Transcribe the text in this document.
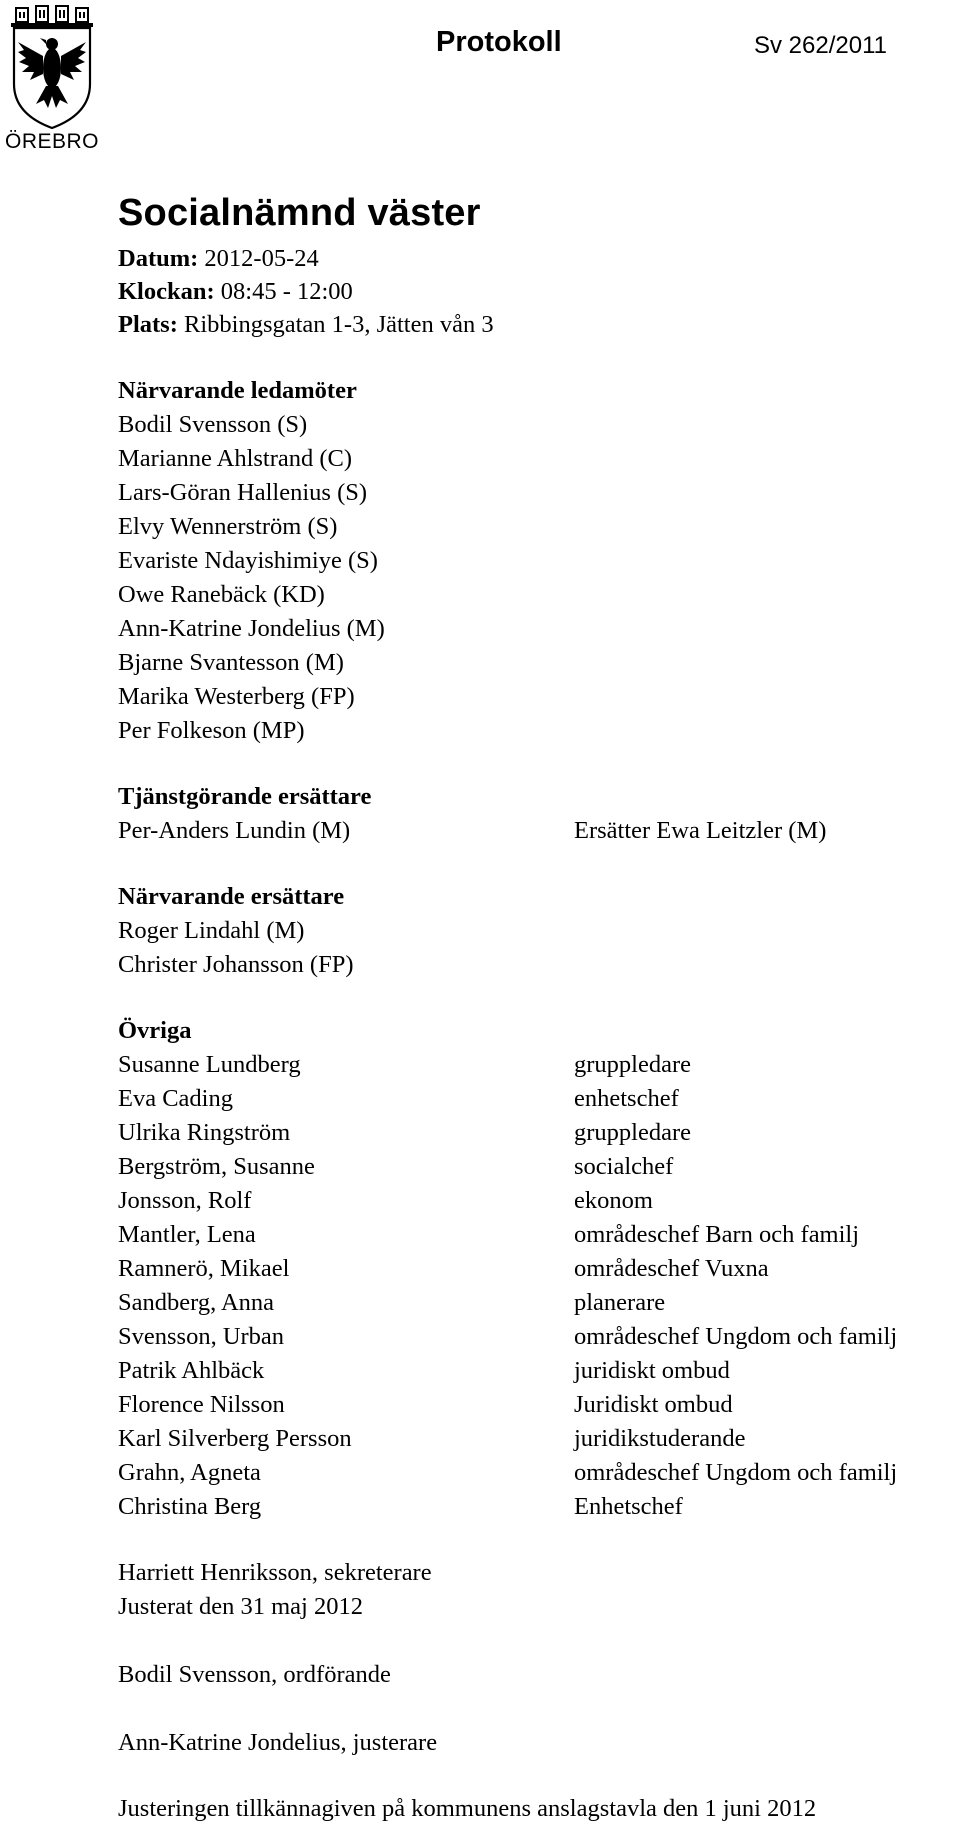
ÖREBRO
Protokoll	Sv 262/2011
Socialnämnd väster
Datum: 2012-05-24
Klockan: 08:45 - 12:00
Plats: Ribbingsgatan 1-3, Jätten vån 3
Närvarande ledamöter
Bodil Svensson (S)
Marianne Ahlstrand (C)
Lars-Göran Hallenius (S)
Elvy Wennerström (S)
Evariste Ndayishimiye (S)
Owe Ranebäck (KD)
Ann-Katrine Jondelius (M)
Bjarne Svantesson (M)
Marika Westerberg (FP)
Per Folkeson (MP)
Tjänstgörande ersättare
Per-Anders Lundin (M)	Ersätter Ewa Leitzler (M)
Närvarande ersättare
Roger Lindahl (M)
Christer Johansson (FP)
Övriga
Susanne Lundberg	gruppledare
Eva Cading	enhetschef
Ulrika Ringström	gruppledare
Bergström, Susanne	socialchef
Jonsson, Rolf	ekonom
Mantler, Lena	områdeschef Barn och familj
Ramnerö, Mikael	områdeschef Vuxna
Sandberg, Anna	planerare
Svensson, Urban	områdeschef Ungdom och familj
Patrik Ahlbäck	juridiskt ombud
Florence Nilsson	Juridiskt ombud
Karl Silverberg Persson	juridikstuderande
Grahn, Agneta	områdeschef Ungdom och familj
Christina Berg	Enhetschef
Harriett Henriksson, sekreterare
Justerat den 31 maj 2012
Bodil Svensson, ordförande
Ann-Katrine Jondelius, justerare
Justeringen tillkännagiven på kommunens anslagstavla den 1 juni 2012
